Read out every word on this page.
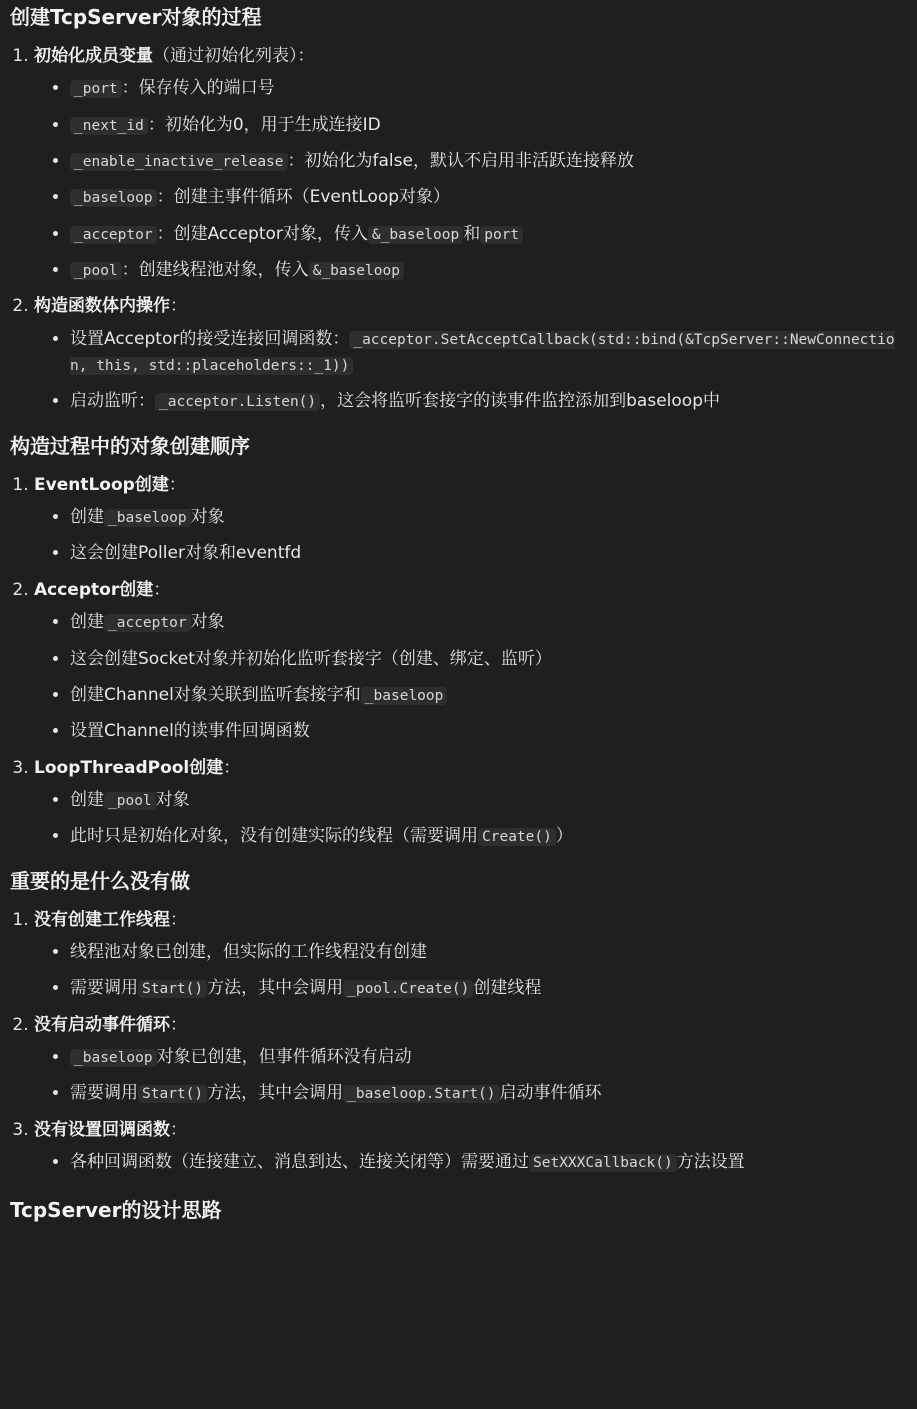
创建TcpServer对象的过程
1. 初始化成员变量（通过初始化列表）：
• _port ：保存传入的端口号
• _next_id ：初始化为0，用于生成连接ID
• _enable_inactive_release ：初始化为false，默认不启用非活跃连接释放
• _baseloop ：创建主事件循环（EventLoop对象）
• _acceptor ：创建Acceptor对象，传入 &_baseloop 和 port
• _pool ：创建线程池对象，传入 &_baseloop
2. 构造函数体内操作：
• 设置Acceptor的接受连接回调函数： _acceptor.SetAcceptCallback(std::bind(&TcpServer::NewConnection, this, std::placeholders::_1))
• 启动监听： _acceptor.Listen() ，这会将监听套接字的读事件监控添加到baseloop中
构造过程中的对象创建顺序
1. EventLoop创建：
• 创建 _baseloop 对象
• 这会创建Poller对象和eventfd
2. Acceptor创建：
• 创建 _acceptor 对象
• 这会创建Socket对象并初始化监听套接字（创建、绑定、监听）
• 创建Channel对象关联到监听套接字和 _baseloop
• 设置Channel的读事件回调函数
3. LoopThreadPool创建：
• 创建 _pool 对象
• 此时只是初始化对象，没有创建实际的线程（需要调用 Create() ）
重要的是什么没有做
1. 没有创建工作线程：
• 线程池对象已创建，但实际的工作线程没有创建
• 需要调用 Start() 方法，其中会调用 _pool.Create() 创建线程
2. 没有启动事件循环：
• _baseloop 对象已创建，但事件循环没有启动
• 需要调用 Start() 方法，其中会调用 _baseloop.Start() 启动事件循环
3. 没有设置回调函数：
• 各种回调函数（连接建立、消息到达、连接关闭等）需要通过 SetXXXCallback() 方法设置
TcpServer的设计思路
